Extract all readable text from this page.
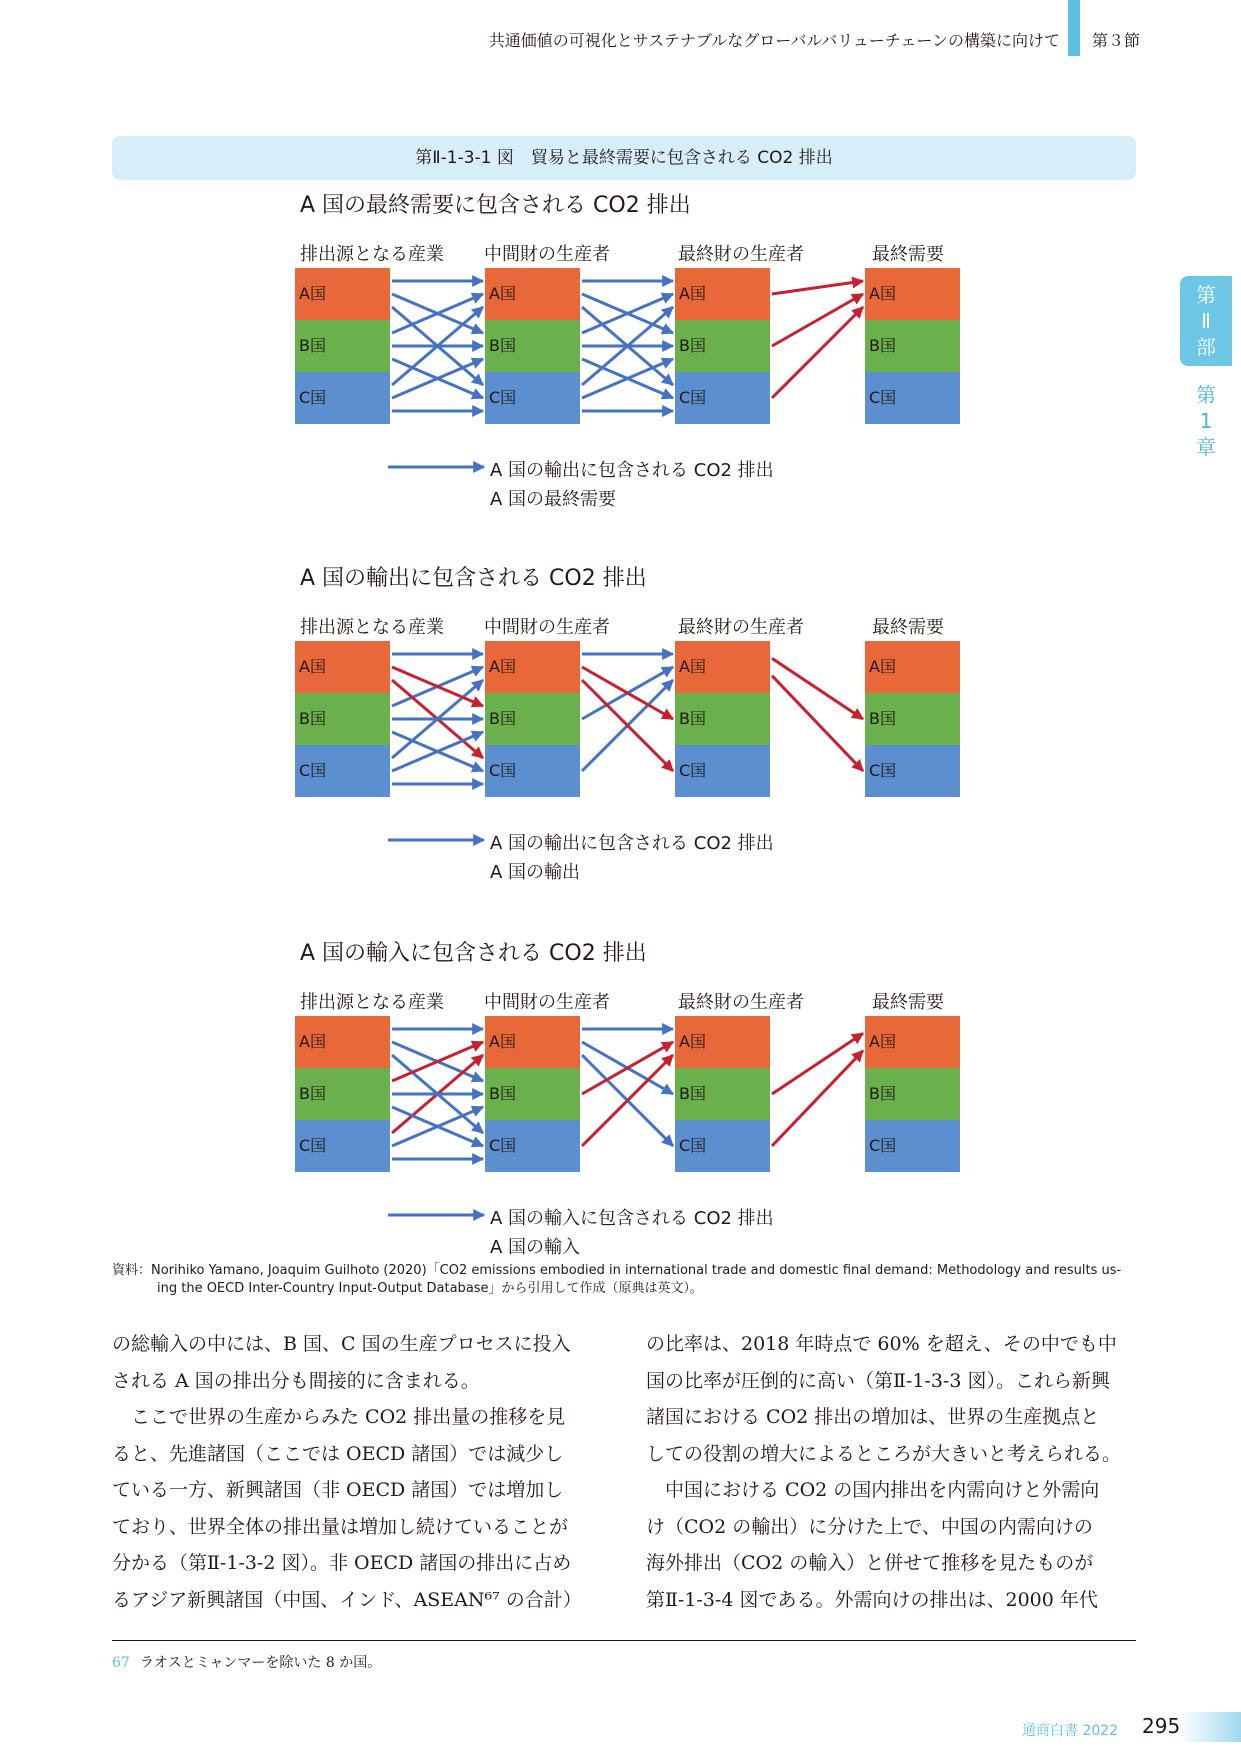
共通価値の可視化とサステナブルなグローバルバリューチェーンの構築に向けて 第３節
第
Ⅱ
部
第
1
章
第Ⅱ-1-3-1 図　貿易と最終需要に包含される CO2 排出
A 国の最終需要に包含される CO2 排出
排出源となる産業 中間財の生産者	最終財の生産者	最終需要
A国
B国
C国
A国
B国
C国
A国
B国
C国
A国
B国
C国
A 国の輸出に包含される CO2 排出
A 国の最終需要
A 国の輸出に包含される CO2 排出
排出源となる産業 中間財の生産者	最終財の生産者	最終需要
A国
B国
C国
A国
B国
C国
A国
B国
C国
A国
B国
C国
A 国の輸出に包含される CO2 排出
A 国の輸出
A 国の輸入に包含される CO2 排出
排出源となる産業 中間財の生産者	最終財の生産者	最終需要
A国
B国
C国
A国
B国
C国
A国
B国
C国
A国
B国
C国
A 国の輸入に包含される CO2 排出
A 国の輸入
資料：Norihiko Yamano, Joaquim Guilhoto (2020)「CO2 emissions embodied in international trade and domestic final demand: Methodology and results us-
ing the OECD Inter-Country Input-Output Database」から引用して作成（原典は英文）。

の総輸入の中には、B 国、C 国の生産プロセスに投入

される A 国の排出分も間接的に含まれる。

　ここで世界の生産からみた CO2 排出量の推移を見

ると、先進諸国（ここでは OECD 諸国）では減少し

ている一方、新興諸国（非 OECD 諸国）では増加し

ており、世界全体の排出量は増加し続けていることが

分かる（第Ⅱ-1-3-2 図）。非 OECD 諸国の排出に占め

るアジア新興諸国（中国、インド、ASEAN⁶⁷ の合計）

の比率は、2018 年時点で 60% を超え、その中でも中

国の比率が圧倒的に高い（第Ⅱ-1-3-3 図）。これら新興

諸国における CO2 排出の増加は、世界の生産拠点と

しての役割の増大によるところが大きいと考えられる。

　中国における CO2 の国内排出を内需向けと外需向

け（CO2 の輸出）に分けた上で、中国の内需向けの

海外排出（CO2 の輸入）と併せて推移を見たものが

第Ⅱ-1-3-4 図である。外需向けの排出は、2000 年代

67 ラオスとミャンマーを除いた 8 か国。
通商白書 2022 295
